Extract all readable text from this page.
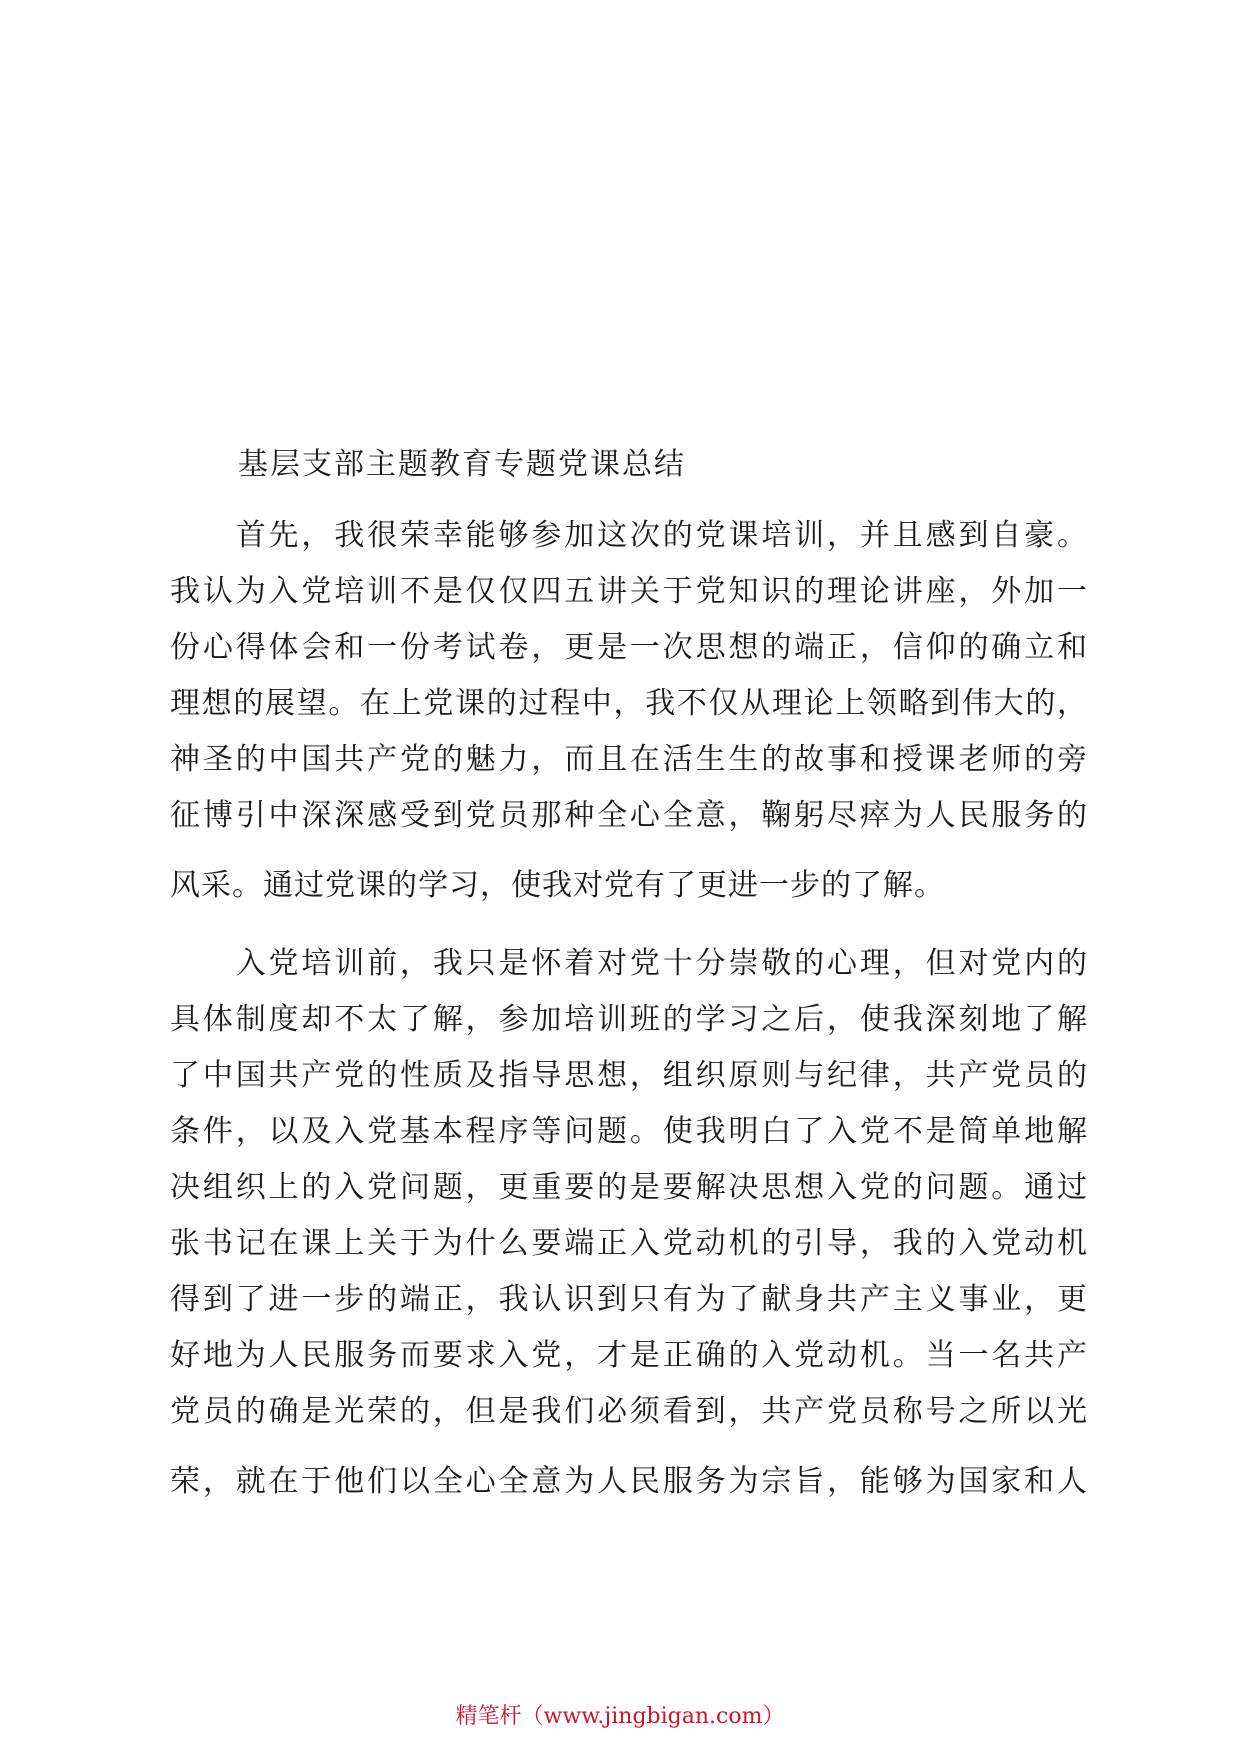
基层支部主题教育专题党课总结
　　首先，我很荣幸能够参加这次的党课培训，并且感到自豪。
我认为入党培训不是仅仅四五讲关于党知识的理论讲座，外加一
份心得体会和一份考试卷，更是一次思想的端正，信仰的确立和
理想的展望。在上党课的过程中，我不仅从理论上领略到伟大的，
神圣的中国共产党的魅力，而且在活生生的故事和授课老师的旁
征博引中深深感受到党员那种全心全意，鞠躬尽瘁为人民服务的
风采。通过党课的学习，使我对党有了更进一步的了解。
　　入党培训前，我只是怀着对党十分崇敬的心理，但对党内的
具体制度却不太了解，参加培训班的学习之后，使我深刻地了解
了中国共产党的性质及指导思想，组织原则与纪律，共产党员的
条件，以及入党基本程序等问题。使我明白了入党不是简单地解
决组织上的入党问题，更重要的是要解决思想入党的问题。通过
张书记在课上关于为什么要端正入党动机的引导，我的入党动机
得到了进一步的端正，我认识到只有为了献身共产主义事业，更
好地为人民服务而要求入党，才是正确的入党动机。当一名共产
党员的确是光荣的，但是我们必须看到，共产党员称号之所以光
荣，就在于他们以全心全意为人民服务为宗旨，能够为国家和人
精笔杆（www.jingbigan.com）
